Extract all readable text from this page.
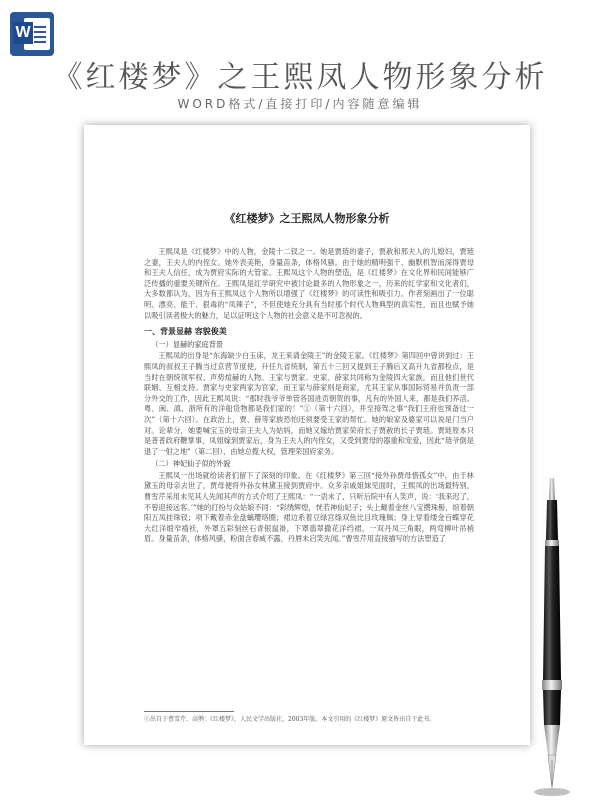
W
《红楼梦》之王熙凤人物形象分析
WORD格式/直接打印/内容随意编辑
《红楼梦》之王熙凤人物形象分析

王熙凤是《红楼梦》中的人物，金陵十二钗之一。她是贾琏的妻子，贾赦和邢夫人的儿媳妇，贾琏之妻，王夫人的内侄女。她外表美艳，身量苗条，体格风骚。由于她的精明强干、幽默机智而深得贾母和王夫人信任，成为贾府实际的大管家。王熙凤这个人物的塑造，是《红楼梦》在文化界和民间能够广泛传播的重要关键所在。王熙凤是红学研究中被讨论最多的人物形象之一，历来的红学家和文化者们，大多数都认为，因为有王熙凤这个人物所以增强了《红楼梦》的可读性和吸引力。作者刻画出了一位聪明、漂亮、能干、狠毒的“凤辣子”，不但使她充分具有当时那个时代人物典型的真实性，而且也赋予她以吸引读者极大的魅力，足以证明这个人物的社会意义是不可忽视的。

一、背景显赫 容貌俊美
（一）显赫的家庭背景

王熙凤的出身是“东海缺少白玉床，龙王来请金陵王”的金陵王家。《红楼梦》第四回中曾讲到过：王熙凤的叔叔王子腾当过京营节度使，升任九省统制，第五十三回又提到王子腾后又高升九省都检点，是当时在朝统领军权、声势煊赫的人物。王家与贾家、史家、薛家共同称为金陵四大家族，而且他们世代联姻、互相支持。贾家与史家两家为官家，而王家与薛家则是商家，尤其王家从事国际贸易并负责一部分外交的工作，因此王熙凤说：“那时我爷爷单管各国进贡朝贺的事，凡有的外国人来，都是我们养活。粤、闽、滇、浙所有的洋船货物都是我们家的！”①（第十六回），并至接驾之事“我们王府也预备过一次”（第十六回）。在政治上，贾、薛等家族恐怕还须要受王家的帮忙。她的娘家及婆家可以说是门当户对。论辈分，她要喊宝玉的母亲王夫人为姑妈，而她又嫁给贾家荣府长子贾赦的长子贾琏。贾琏原本只是普普政府鞭掌事，凤姐嫁到贾家后，身为王夫人的内侄女，又受到贾母的器重和宠爱，因此“琏爷倒是退了一射之地”（第二回），由她总揽大权，管理荣国府家务。

（二）神妃仙子似的外貌

王熙凤一出场就给读者们留下了深刻的印象。在《红楼梦》第三回“接外孙贾母惜孤女”中，由于林黛玉的母亲去世了，贾母便将外孙女林黛玉接到贾府中。众多亲戚姐妹见面时，王熙凤的出场最特别，曹雪芹采用未见其人先闻其声的方式介绍了王熙凤：“一语未了，只听后院中有人笑声，说：‘我来迟了，不曾迎接远客。’”她的打扮与众姑娘不同：“彩绣辉煌，恍若神仙妃子；头上戴着金丝八宝攒珠髻，绾着朝阳五凤挂珠钗；项下戴着赤金盘螭璎珞圈；裙边系着豆绿宫绦双鱼比目玫瑰佩；身上穿着缕金百蝶穿花大红洋缎窄褙袄，外罩五彩刻丝石青银鼠褂，下罩翡翠撒花洋绉裙。一双丹凤三角眼，两弯柳叶吊梢眉。身量苗条，体格风骚，粉面含春威不露，丹唇未启笑先闻。”曹雪芹用直接描写的方法塑造了

①出自于曹雪芹、高鹗：《红楼梦》，人民文学出版社，2003年版。本文引用的《红楼梦》原文皆出自于此书。
